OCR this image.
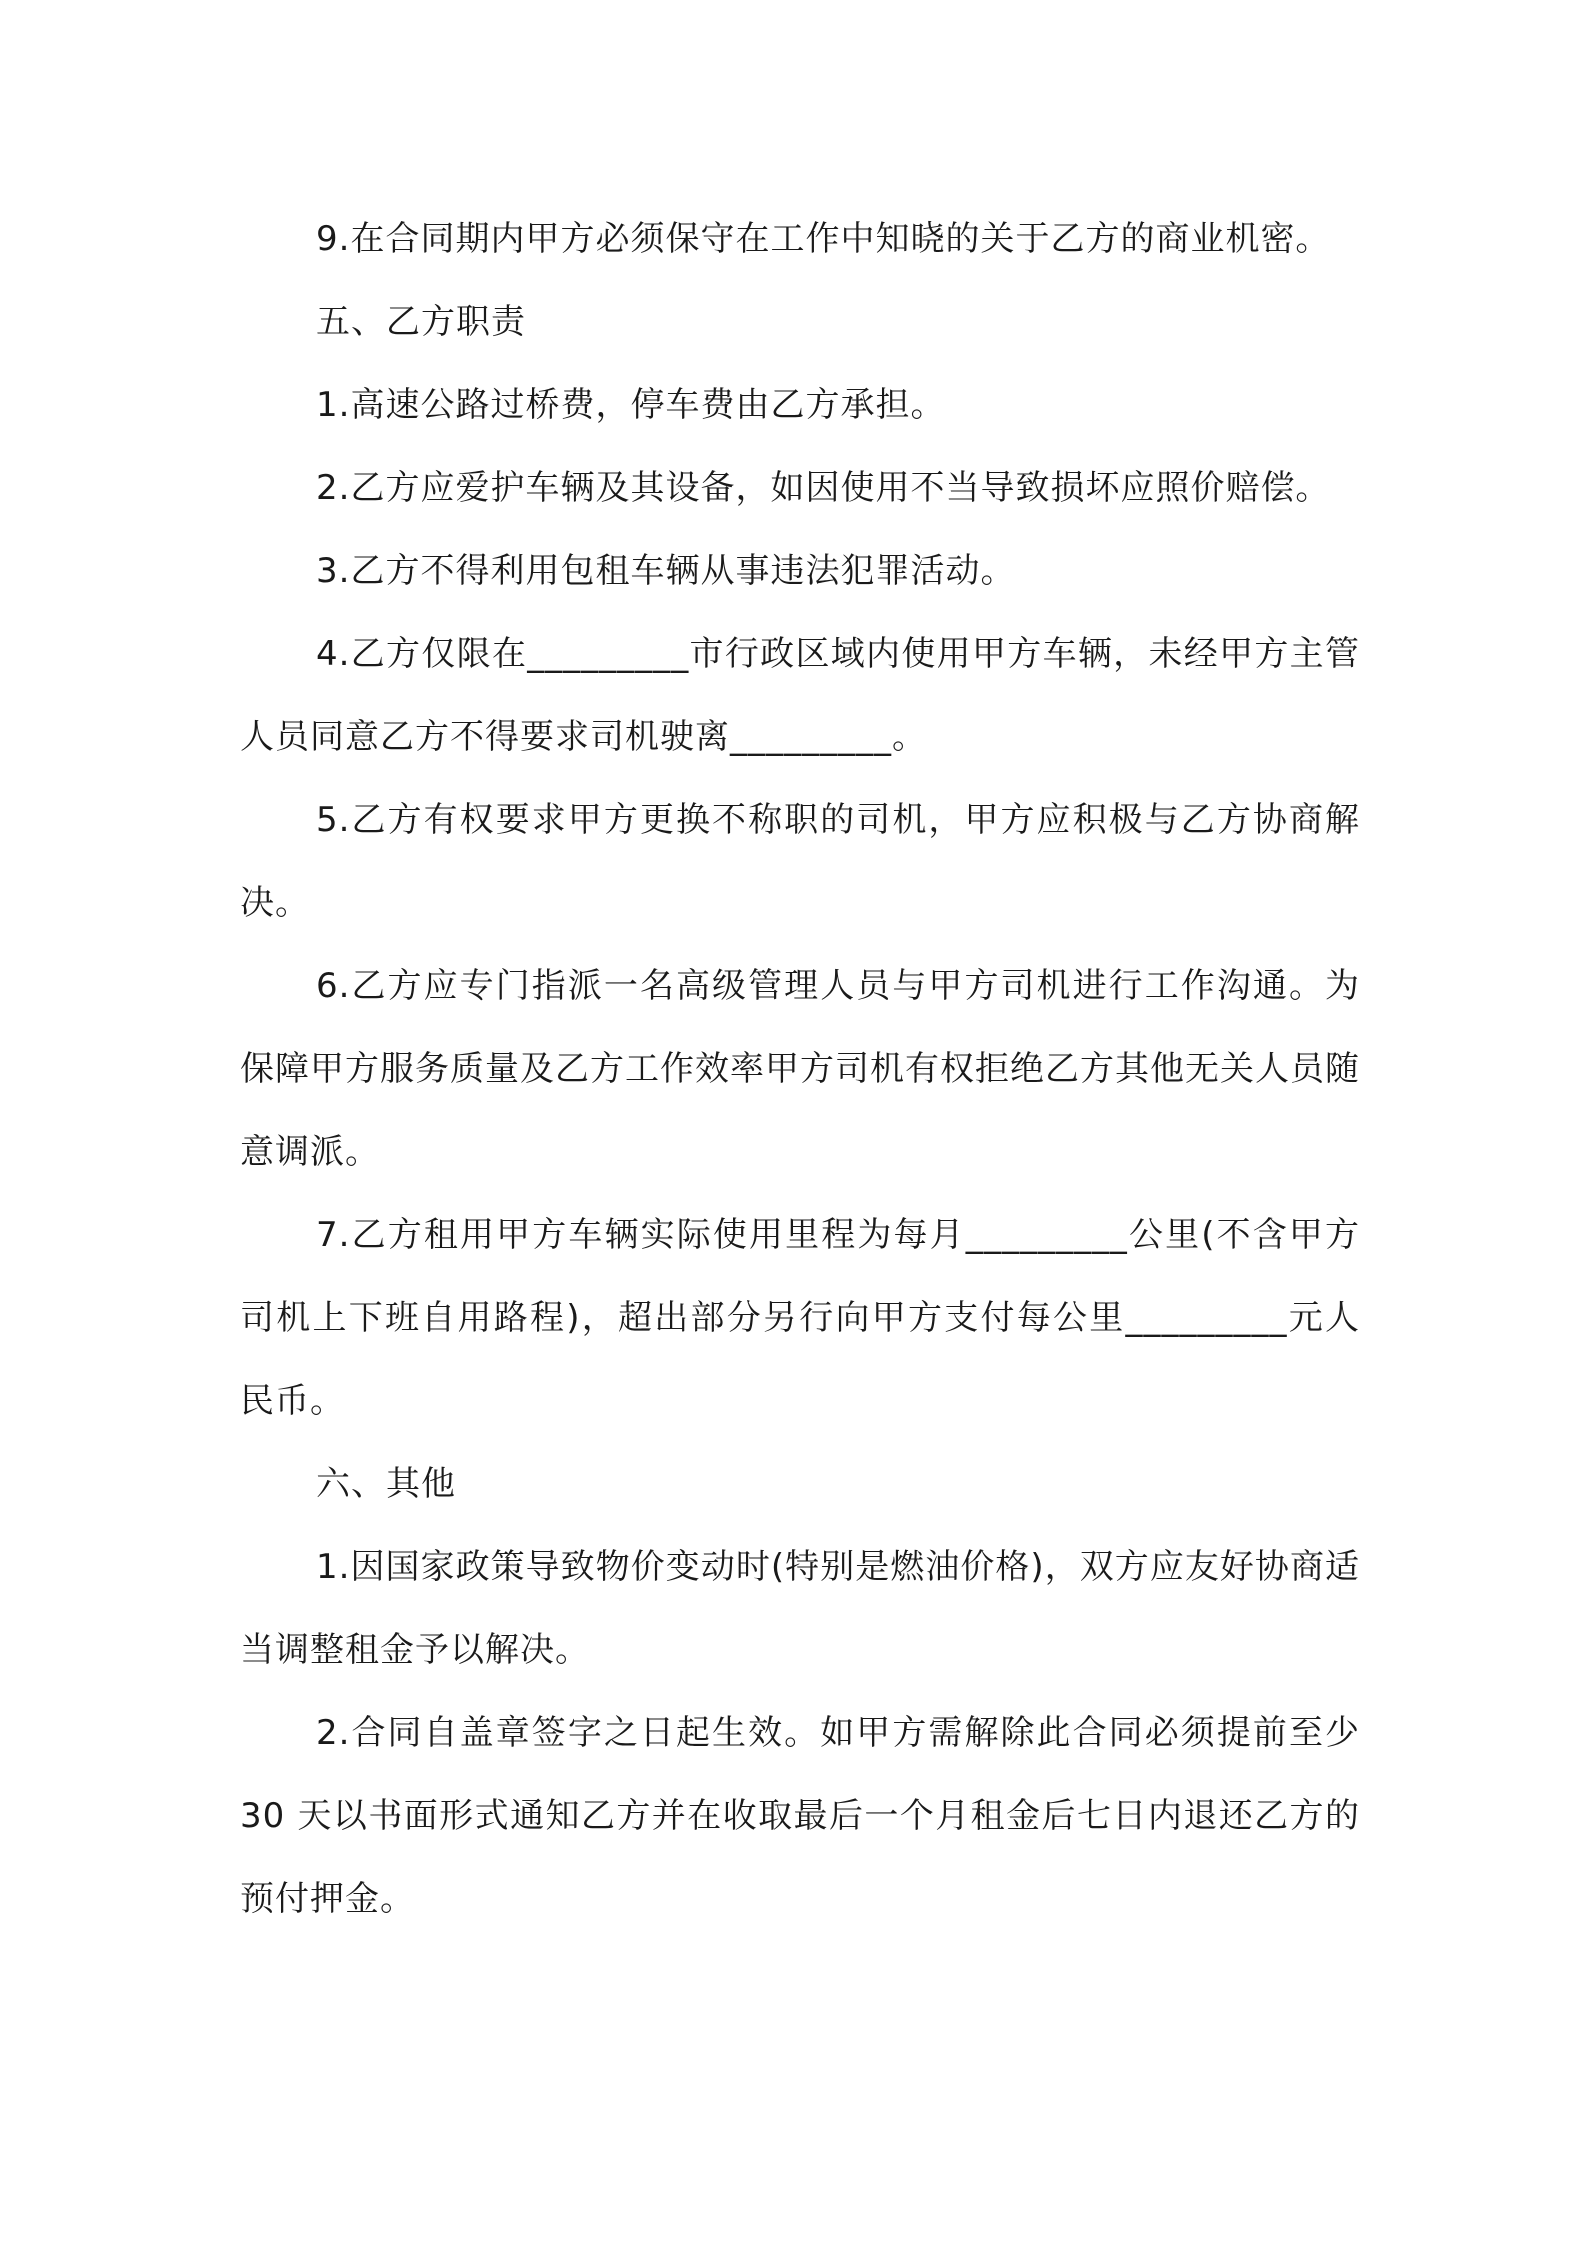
9.在合同期内甲方必须保守在工作中知晓的关于乙方的商业机密。

五、乙方职责

1.高速公路过桥费，停车费由乙方承担。

2.乙方应爱护车辆及其设备，如因使用不当导致损坏应照价赔偿。

3.乙方不得利用包租车辆从事违法犯罪活动。

4.乙方仅限在_________市行政区域内使用甲方车辆，未经甲方主管人员同意乙方不得要求司机驶离_________。

5.乙方有权要求甲方更换不称职的司机，甲方应积极与乙方协商解决。

6.乙方应专门指派一名高级管理人员与甲方司机进行工作沟通。为保障甲方服务质量及乙方工作效率甲方司机有权拒绝乙方其他无关人员随意调派。

7.乙方租用甲方车辆实际使用里程为每月_________公里(不含甲方司机上下班自用路程)，超出部分另行向甲方支付每公里_________元人民币。

六、其他

1.因国家政策导致物价变动时(特别是燃油价格)，双方应友好协商适当调整租金予以解决。

2.合同自盖章签字之日起生效。如甲方需解除此合同必须提前至少 30 天以书面形式通知乙方并在收取最后一个月租金后七日内退还乙方的预付押金。
